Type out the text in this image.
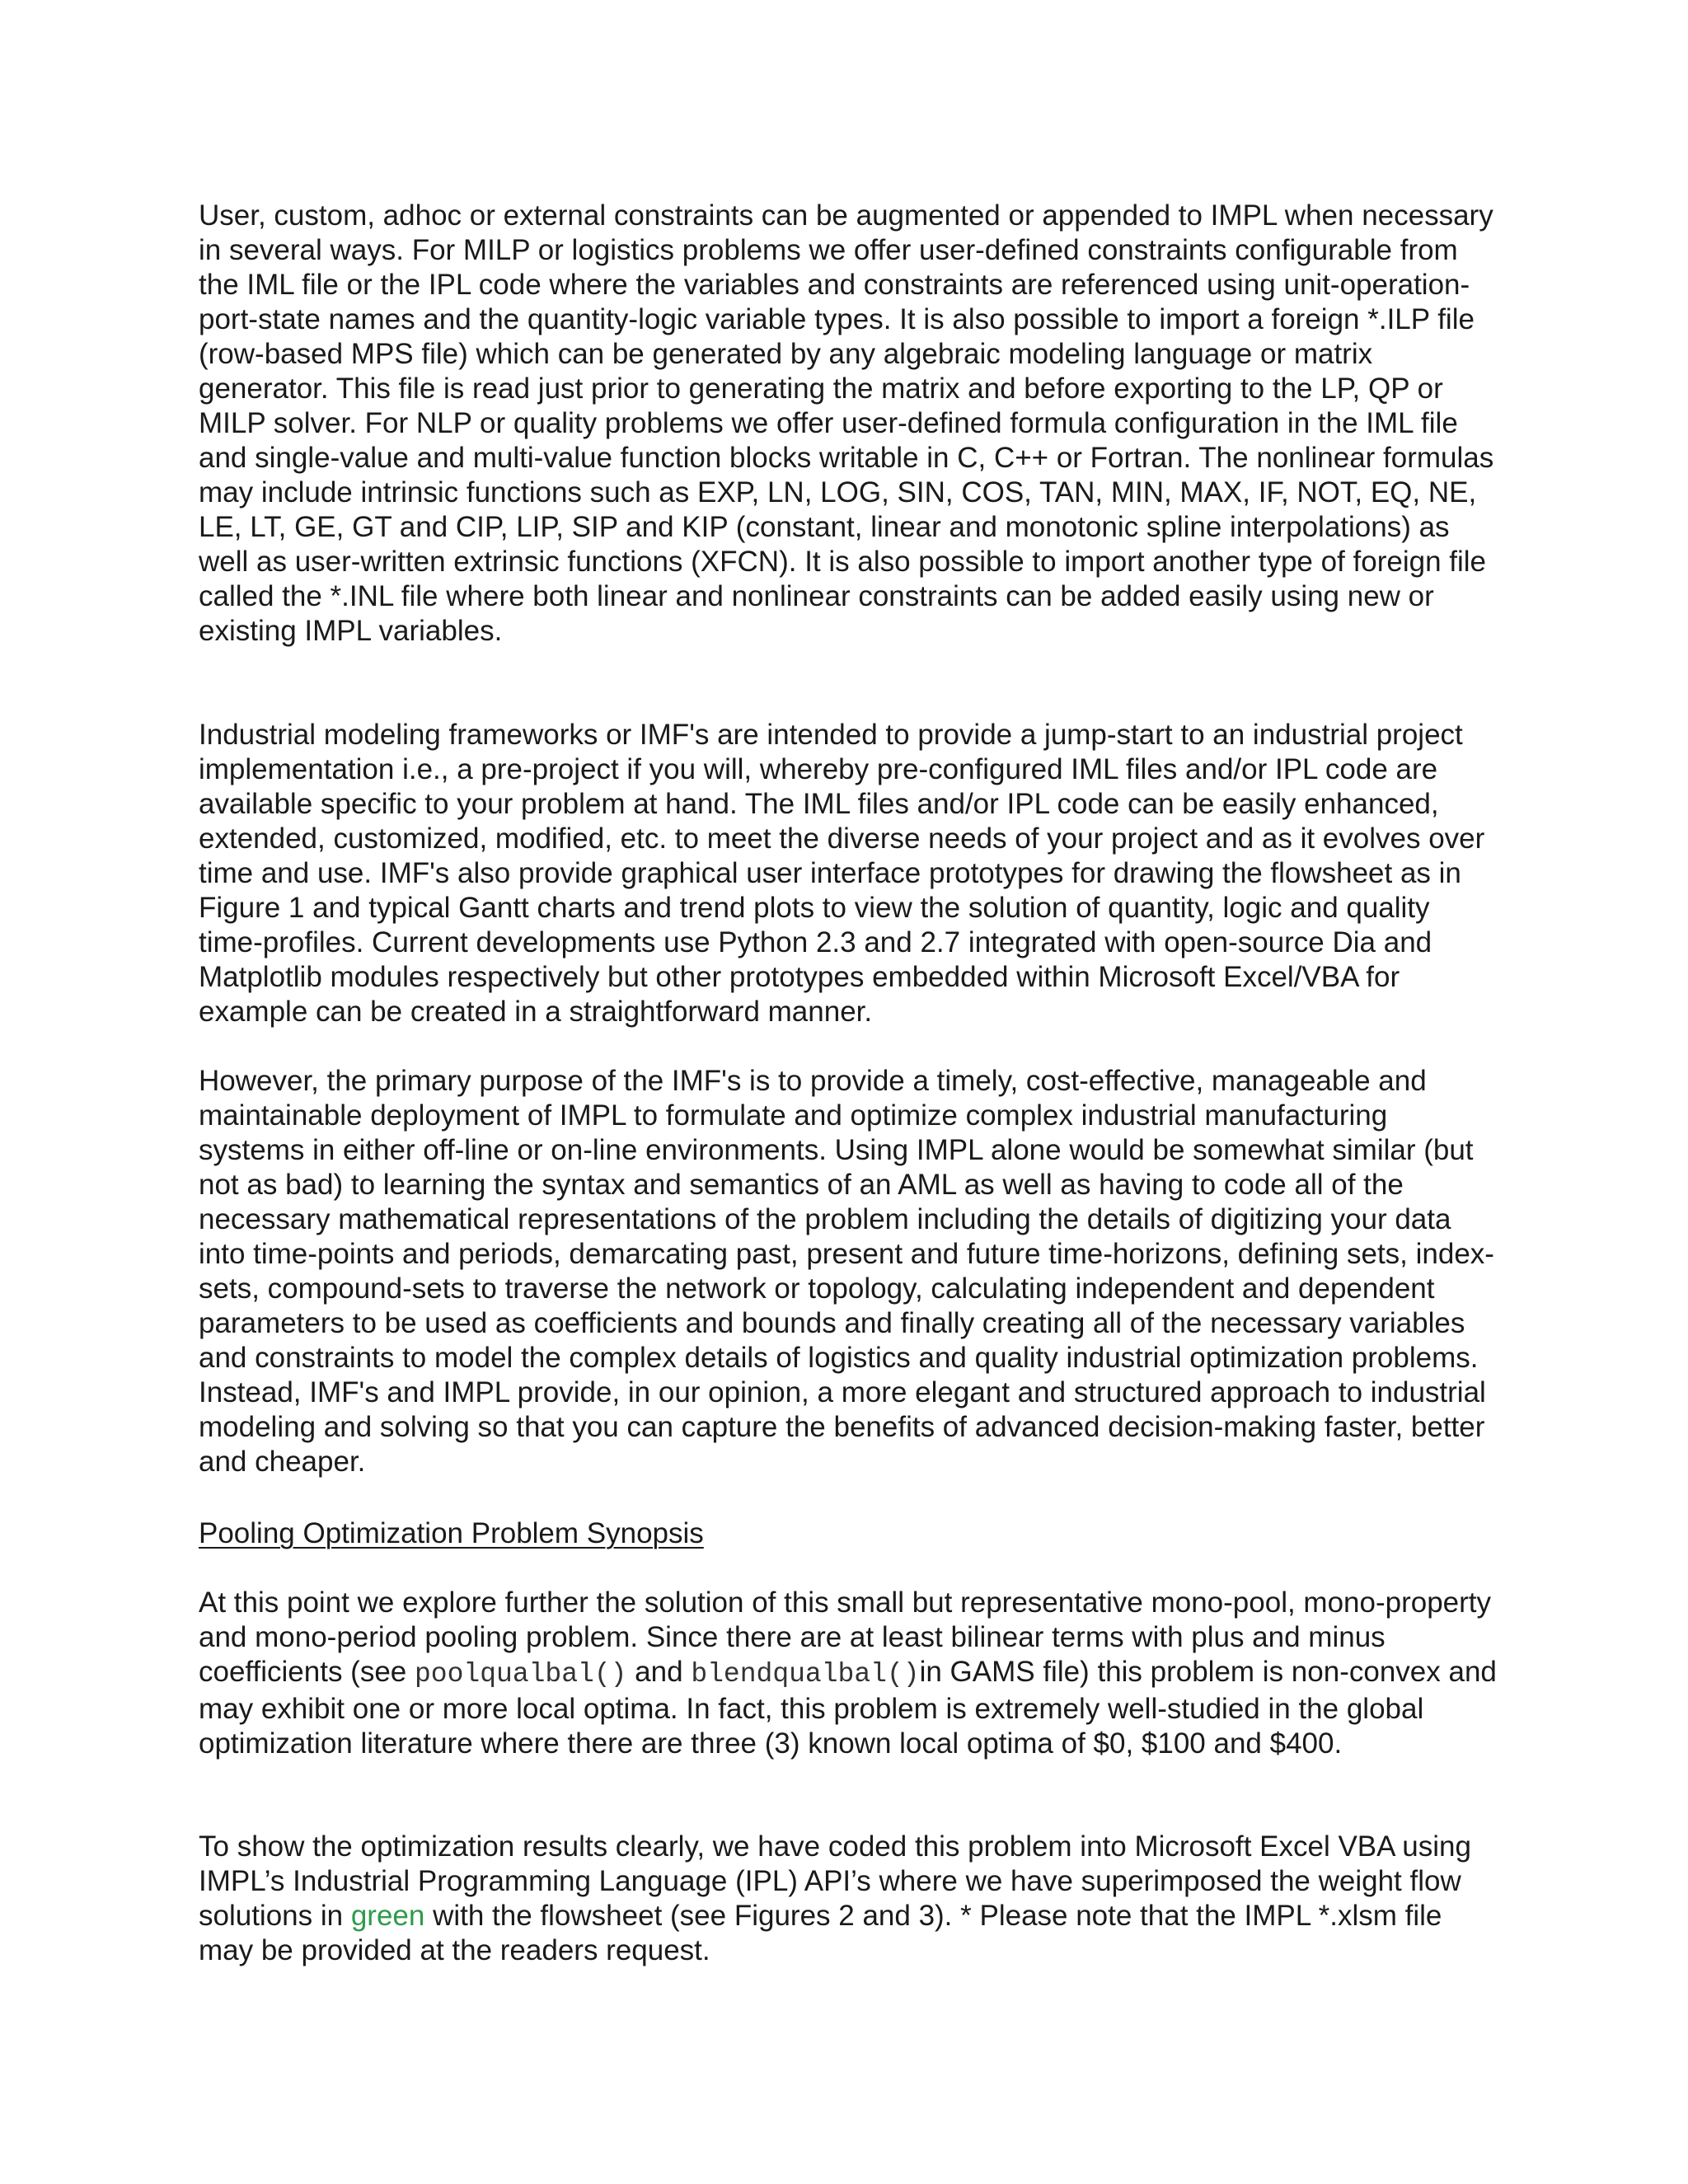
User, custom, adhoc or external constraints can be augmented or appended to IMPL when necessary in several ways. For MILP or logistics problems we offer user-defined constraints configurable from the IML file or the IPL code where the variables and constraints are referenced using unit-operation-port-state names and the quantity-logic variable types. It is also possible to import a foreign *.ILP file (row-based MPS file) which can be generated by any algebraic modeling language or matrix generator. This file is read just prior to generating the matrix and before exporting to the LP, QP or MILP solver. For NLP or quality problems we offer user-defined formula configuration in the IML file and single-value and multi-value function blocks writable in C, C++ or Fortran. The nonlinear formulas may include intrinsic functions such as EXP, LN, LOG, SIN, COS, TAN, MIN, MAX, IF, NOT, EQ, NE, LE, LT, GE, GT and CIP, LIP, SIP and KIP (constant, linear and monotonic spline interpolations) as well as user-written extrinsic functions (XFCN). It is also possible to import another type of foreign file called the *.INL file where both linear and nonlinear constraints can be added easily using new or existing IMPL variables.

Industrial modeling frameworks or IMF's are intended to provide a jump-start to an industrial project implementation i.e., a pre-project if you will, whereby pre-configured IML files and/or IPL code are available specific to your problem at hand. The IML files and/or IPL code can be easily enhanced, extended, customized, modified, etc. to meet the diverse needs of your project and as it evolves over time and use. IMF's also provide graphical user interface prototypes for drawing the flowsheet as in Figure 1 and typical Gantt charts and trend plots to view the solution of quantity, logic and quality time-profiles. Current developments use Python 2.3 and 2.7 integrated with open-source Dia and Matplotlib modules respectively but other prototypes embedded within Microsoft Excel/VBA for example can be created in a straightforward manner.

However, the primary purpose of the IMF's is to provide a timely, cost-effective, manageable and maintainable deployment of IMPL to formulate and optimize complex industrial manufacturing systems in either off-line or on-line environments. Using IMPL alone would be somewhat similar (but not as bad) to learning the syntax and semantics of an AML as well as having to code all of the necessary mathematical representations of the problem including the details of digitizing your data into time-points and periods, demarcating past, present and future time-horizons, defining sets, index-sets, compound-sets to traverse the network or topology, calculating independent and dependent parameters to be used as coefficients and bounds and finally creating all of the necessary variables and constraints to model the complex details of logistics and quality industrial optimization problems. Instead, IMF's and IMPL provide, in our opinion, a more elegant and structured approach to industrial modeling and solving so that you can capture the benefits of advanced decision-making faster, better and cheaper.

Pooling Optimization Problem Synopsis

At this point we explore further the solution of this small but representative mono-pool, mono-property and mono-period pooling problem. Since there are at least bilinear terms with plus and minus coefficients (see poolqualbal() and blendqualbal()in GAMS file) this problem is non-convex and may exhibit one or more local optima. In fact, this problem is extremely well-studied in the global optimization literature where there are three (3) known local optima of $0, $100 and $400.

To show the optimization results clearly, we have coded this problem into Microsoft Excel VBA using IMPL’s Industrial Programming Language (IPL) API’s where we have superimposed the weight flow solutions in green with the flowsheet (see Figures 2 and 3). * Please note that the IMPL *.xlsm file may be provided at the readers request.
